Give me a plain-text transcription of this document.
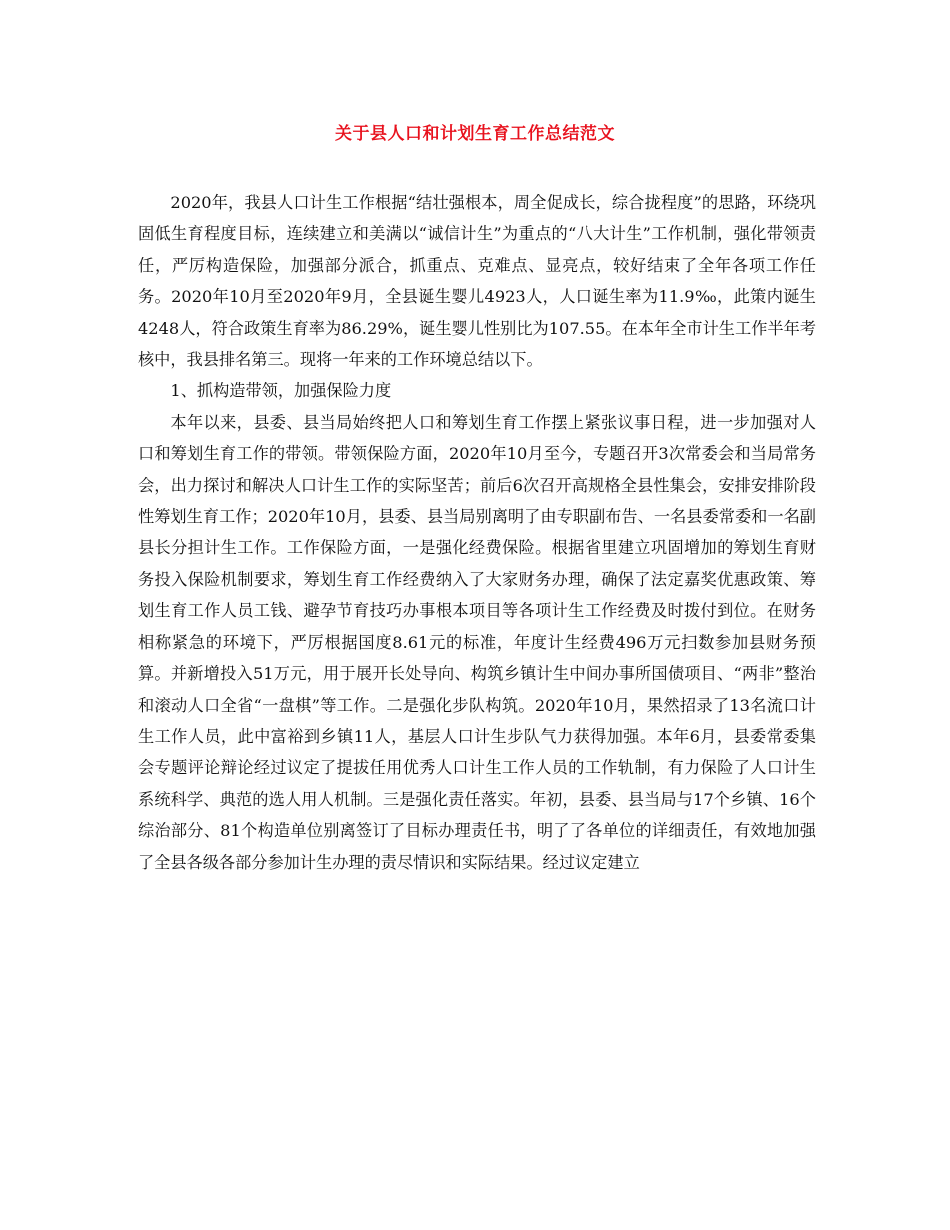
关于县人口和计划生育工作总结范文

2020年，我县人口计生工作根据“结壮强根本，周全促成长，综合拢程度”的思路，环绕巩固低生育程度目标，连续建立和美满以“诚信计生”为重点的“八大计生”工作机制，强化带领责任，严厉构造保险，加强部分派合，抓重点、克难点、显亮点，较好结束了全年各项工作任务。2020年10月至2020年9月，全县诞生婴儿4923人，人口诞生率为11.9‰，此策内诞生4248人，符合政策生育率为86.29%，诞生婴儿性别比为107.55。在本年全市计生工作半年考核中，我县排名第三。现将一年来的工作环境总结以下。

1、抓构造带领，加强保险力度

本年以来，县委、县当局始终把人口和筹划生育工作摆上紧张议事日程，进一步加强对人口和筹划生育工作的带领。带领保险方面，2020年10月至今，专题召开3次常委会和当局常务会，出力探讨和解决人口计生工作的实际坚苦；前后6次召开高规格全县性集会，安排安排阶段性筹划生育工作；2020年10月，县委、县当局别离明了由专职副布告、一名县委常委和一名副县长分担计生工作。工作保险方面，一是强化经费保险。根据省里建立巩固增加的筹划生育财务投入保险机制要求，筹划生育工作经费纳入了大家财务办理，确保了法定嘉奖优惠政策、筹划生育工作人员工钱、避孕节育技巧办事根本项目等各项计生工作经费及时拨付到位。在财务相称紧急的环境下，严厉根据国度8.61元的标准，年度计生经费496万元扫数参加县财务预算。并新增投入51万元，用于展开长处导向、构筑乡镇计生中间办事所国债项目、“两非”整治和滚动人口全省“一盘棋”等工作。二是强化步队构筑。2020年10月，果然招录了13名流口计生工作人员，此中富裕到乡镇11人，基层人口计生步队气力获得加强。本年6月，县委常委集会专题评论辩论经过议定了提拔任用优秀人口计生工作人员的工作轨制，有力保险了人口计生系统科学、典范的选人用人机制。三是强化责任落实。年初，县委、县当局与17个乡镇、16个综治部分、81个构造单位别离签订了目标办理责任书，明了了各单位的详细责任，有效地加强了全县各级各部分参加计生办理的责尽情识和实际结果。经过议定建立
